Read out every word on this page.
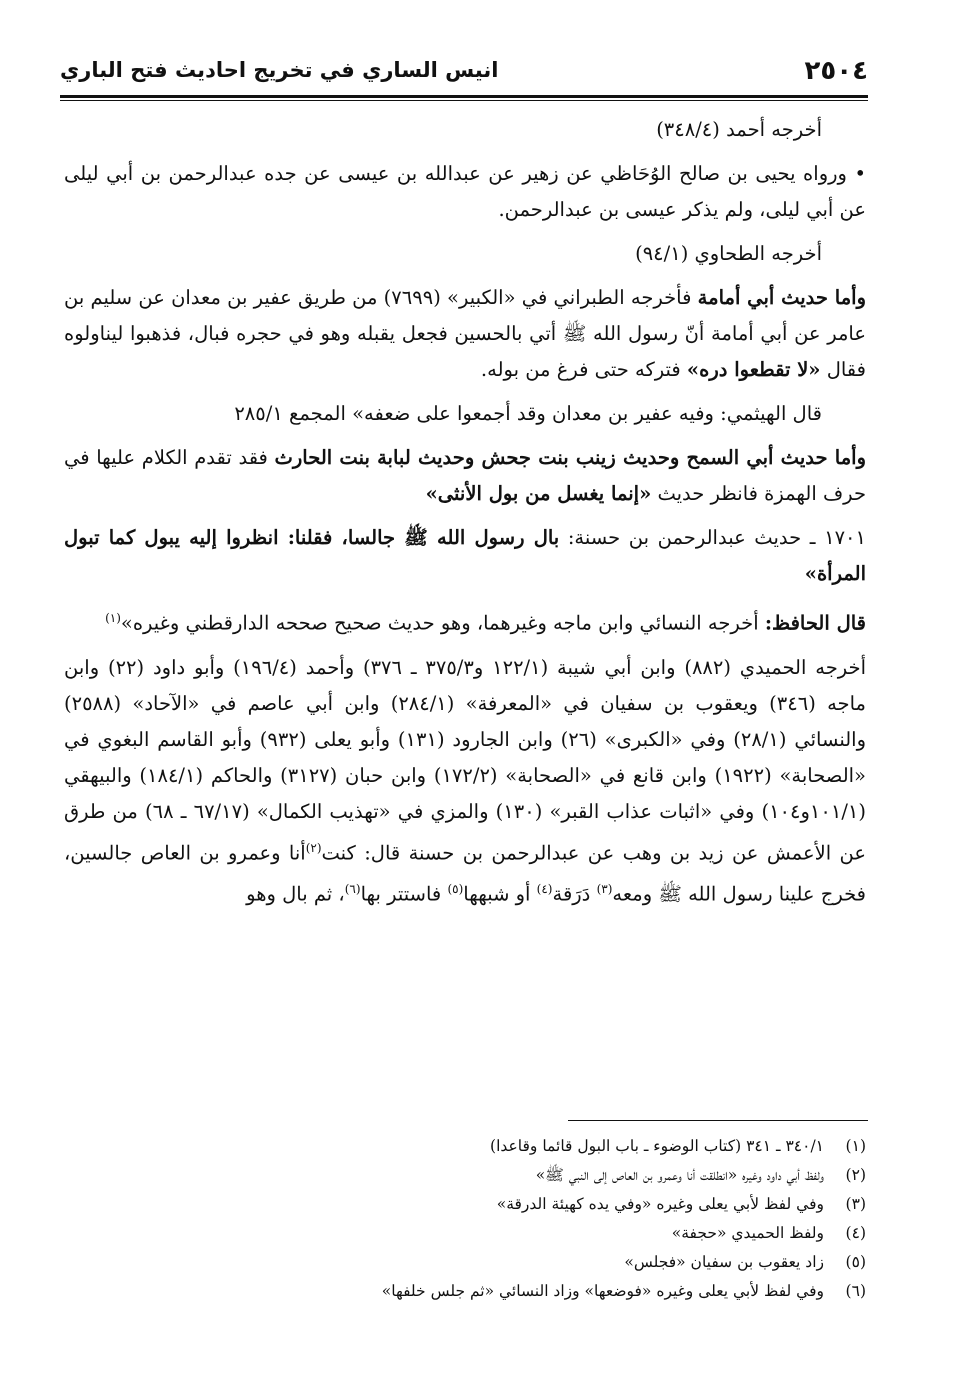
٢٥٠٤
انيس الساري في تخريج احاديث فتح الباري

أخرجه أحمد (٣٤٨/٤)

• ورواه يحيى بن صالح الوُحَاظي عن زهير عن عبدالله بن عيسى عن جده عبدالرحمن بن أبي ليلى عن أبي ليلى، ولم يذكر عيسى بن عبدالرحمن.

أخرجه الطحاوي (٩٤/١)

وأما حديث أبي أمامة فأخرجه الطبراني في «الكبير» (٧٦٩٩) من طريق عفير بن معدان عن سليم بن عامر عن أبي أمامة أنّ رسول الله ﷺ أتي بالحسين فجعل يقبله وهو في حجره فبال، فذهبوا ليناولوه فقال «لا تقطعوا دره» فتركه حتى فرغ من بوله.

قال الهيثمي: وفيه عفير بن معدان وقد أجمعوا على ضعفه» المجمع ٢٨٥/١

وأما حديث أبي السمح وحديث زينب بنت جحش وحديث لبابة بنت الحارث فقد تقدم الكلام عليها في حرف الهمزة فانظر حديث «إنما يغسل من بول الأنثى»

١٧٠١ ـ حديث عبدالرحمن بن حسنة: بال رسول الله ﷺ جالسا، فقلنا: انظروا إليه يبول كما تبول المرأة»

قال الحافظ: أخرجه النسائي وابن ماجه وغيرهما، وهو حديث صحيح صححه الدارقطني وغيره»$^{(١)}$

أخرجه الحميدي (٨٨٢) وابن أبي شيبة (١٢٢/١ و٣٧٥/٣ ـ ٣٧٦) وأحمد (١٩٦/٤) وأبو داود (٢٢) وابن ماجه (٣٤٦) ويعقوب بن سفيان في «المعرفة» (٢٨٤/١) وابن أبي عاصم في «الآحاد» (٢٥٨٨) والنسائي (٢٨/١) وفي «الكبرى» (٢٦) وابن الجارود (١٣١) وأبو يعلى (٩٣٢) وأبو القاسم البغوي في «الصحابة» (١٩٢٢) وابن قانع في «الصحابة» (١٧٢/٢) وابن حبان (٣١٢٧) والحاكم (١٨٤/١) والبيهقي (١٠١/١و١٠٤) وفي «اثبات عذاب القبر» (١٣٠) والمزي في «تهذيب الكمال» (٦٧/١٧ ـ ٦٨) من طرق عن الأعمش عن زيد بن وهب عن عبدالرحمن بن حسنة قال: كنت$^{(٢)}$أنا وعمرو بن العاص جالسين، فخرج علينا رسول الله ﷺ ومعه$^{(٣)}$ دَرَقة$^{(٤)}$ أو شبهها$^{(٥)}$ فاستتر بها$^{(٦)}$، ثم بال وهو

(١)
٣٤٠/١ ـ ٣٤١ (كتاب الوضوء ـ باب البول قائما وقاعدا)
(٢)
ولفظ أبي داود وغيره «انطلقت أنا وعمرو بن العاص إلى النبي ﷺ»
(٣)
وفي لفظ لأبي يعلى وغيره «وفي يده كهيئة الدرقة»
(٤)
ولفظ الحميدي «حجفة»
(٥)
زاد يعقوب بن سفيان «فجلس»
(٦)
وفي لفظ لأبي يعلى وغيره «فوضعها» وزاد النسائي «ثم جلس خلفها»
